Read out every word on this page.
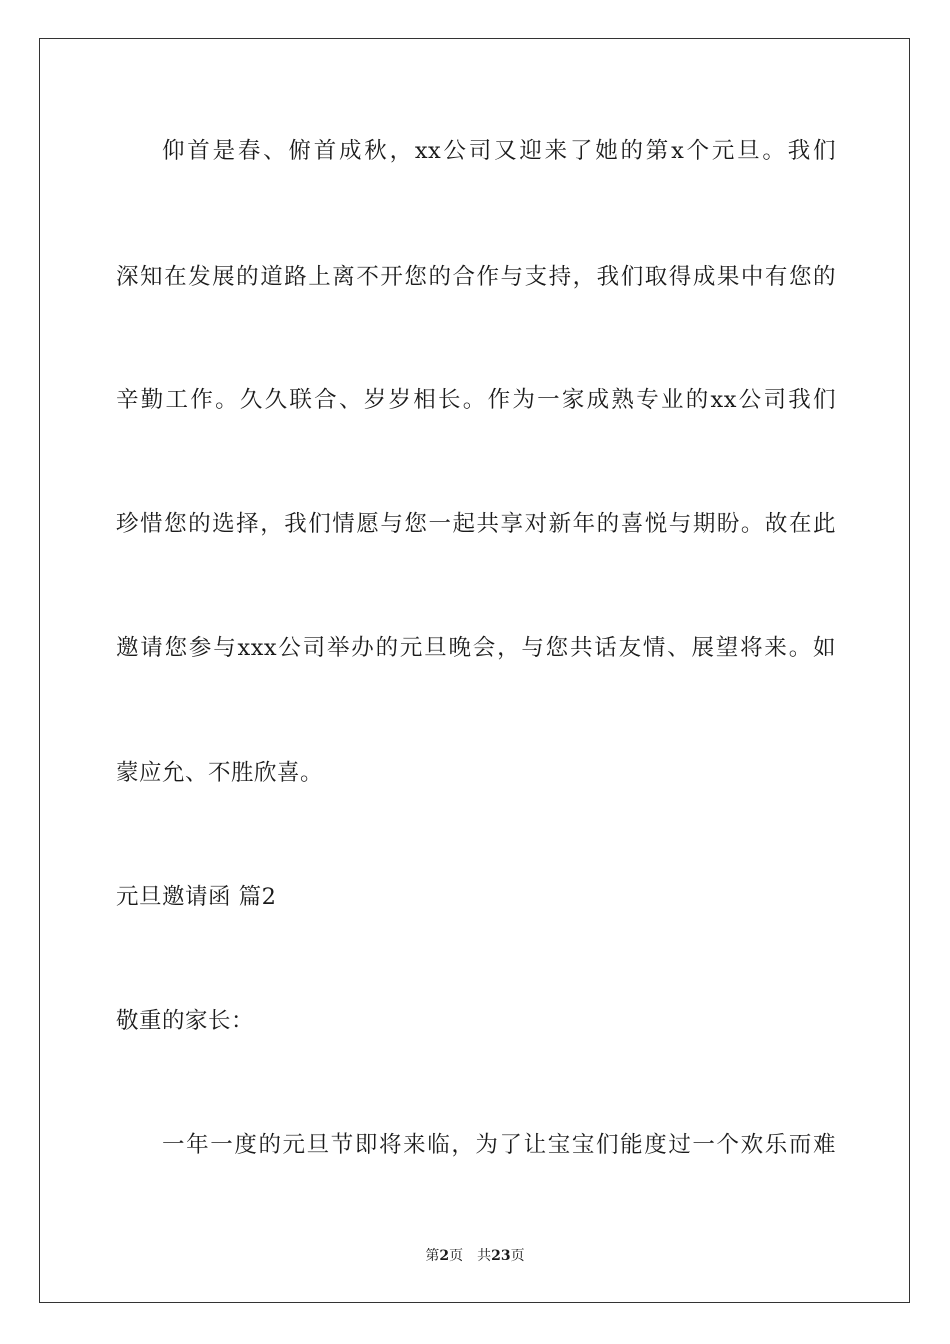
仰首是春、俯首成秋，xx公司又迎来了她的第x个元旦。我们
深知在发展的道路上离不开您的合作与支持，我们取得成果中有您的
辛勤工作。久久联合、岁岁相长。作为一家成熟专业的xx公司我们
珍惜您的选择，我们情愿与您一起共享对新年的喜悦与期盼。故在此
邀请您参与xxx公司举办的元旦晚会，与您共话友情、展望将来。如
蒙应允、不胜欣喜。
元旦邀请函 篇2
敬重的家长：
一年一度的元旦节即将来临，为了让宝宝们能度过一个欢乐而难
第2页　共23页
